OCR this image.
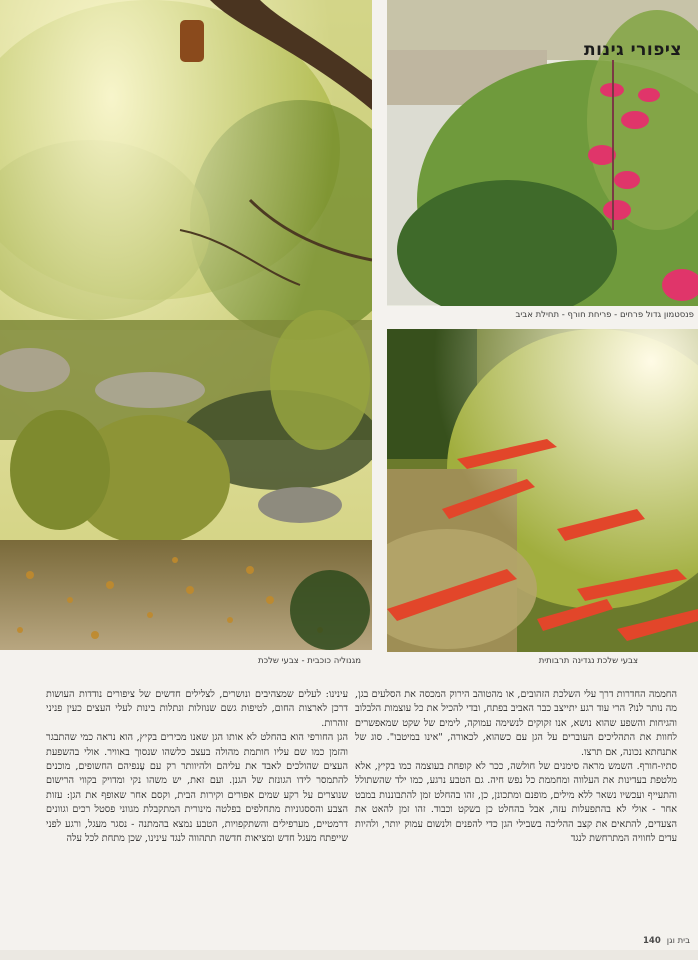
ציפורי גינות
פנסטמון גדול פרחים - פריחת חורף - תחילת אביב
מגנוליה כוכבית - צבעי שלכת	צבעי שלכת נגדינה תרבותית

החממה החדרות דרך עלי השלכת הזהובים, או מהטוהב הירוק המכסה את הסלעים בגן, מה נותר לנו? הרי עוד רגע יתייצב כבר האביב בפתח, ובדי להכיל את כל עוצמות הלבלוב והגיחות והשפע שהוא נושא, אנו זקוקים לנשימה עמוקה, לימים של שקט שמאפשרים לחוות את התהליכים העוברים על הגן עם כשהוא, לכאורה, "אינו במיטבו". סוג של אתנחתא נכונה, אם תרצו.

סתיו-חורף. השמש מראה סימנים של חולשה, ככר לא קופחת בעוצמה כמו בקיץ, אלא מלטפת בעדינות את העלווה ומחממת כל נפש חיה. גם הטבע נרגע, כמו ילד שהשתולל והתעייף ועכשיו נשאר ללא מילים, מופנם ומתכונן, כן, זהו בהחלט זמן להתבוננות במבט אחר - אולי לא בהתפעלות עזה, אבל בהחלט כן בשקט וכבוד. זהו זמן להאט את הצעדים, להתאים את קצב ההליכה בשבילי הגן כדי להפנים ולנשום עמוק יותר, ולהיות עדים לחוויה המתרחשת לנגד

עינינו: לעלים שמצהיבים ונושרים, לצלילים חדשים של ציפורים נודדות העושות דרכן לארצות החום, לטיפות גשם שנוזלות ונתלות בינות לעלי העצים כעין פניני זוהרות.

הגן החורפי הוא בהחלט לא אותו הגן שאנו מכירים בקיץ, הוא נראה כמי שהתבגר והזמן כמו שם עליו חותמת מהולה בעצב כלשהו שנסוך באוויר. אולי בהשפעת העצים שהולכים לאבד את עליהם ולהיוותר רק עם עָנפיהם החשופים, מוכנים להתמסר לידו הגונזת של הגנן. ועם זאת, יש משהו נקי ומדויק בקווי הרישום שנוצרים על רקע שמים אפורים וקירות הבית, וקסם אחר שאופף את הגן: עזות הצבע והססגוניות מתחלפים בפלטה מינורית המתקבלת מגווני פסטל רכים וגוונים דרמטיים, מערפילים והשתקפויות, הטבע נמצא בהמתנה - נסגר מעגל, ורגע לפני שייפתח מעגל חדש ומציאות חדשה תתהווה לנגד עינינו, שכן מתחת לכל עלה

בית וגן
140
